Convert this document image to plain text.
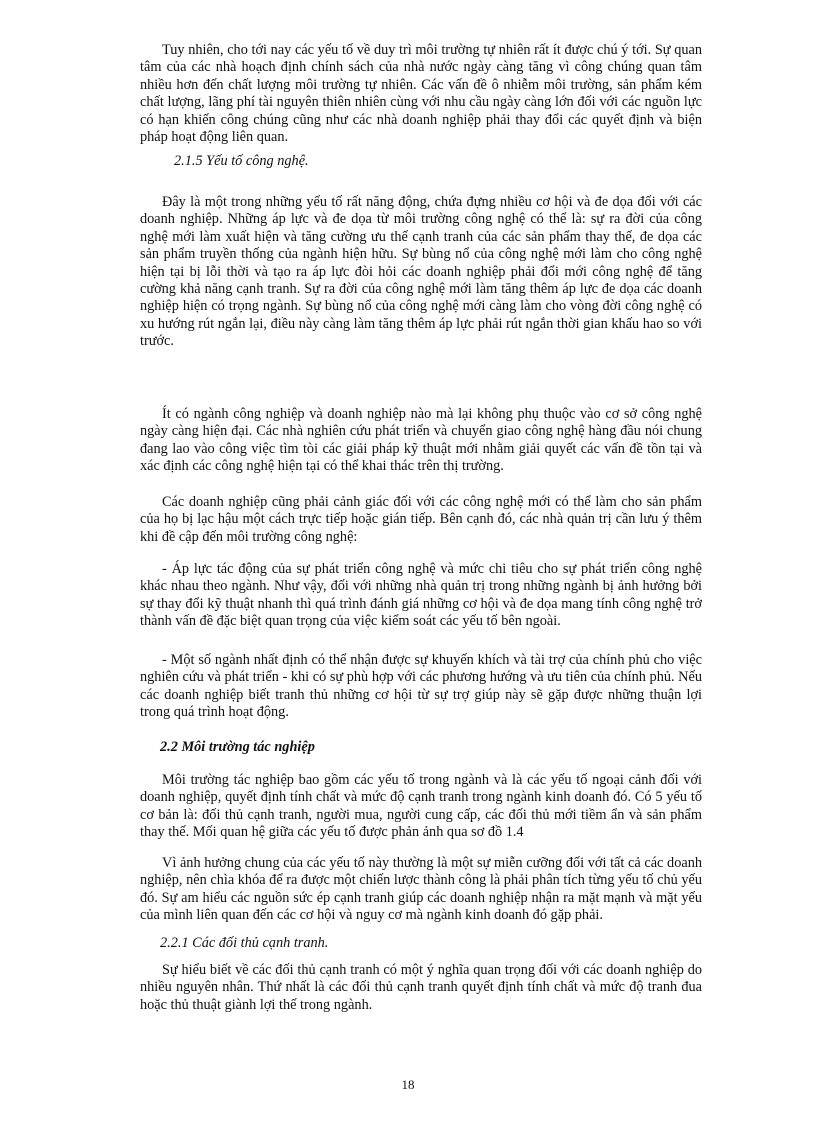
Tuy nhiên, cho tới nay các yếu tố về duy trì môi trường tự nhiên rất ít được chú ý tới. Sự quan tâm của các nhà hoạch định chính sách của nhà nước ngày càng tăng vì công chúng quan tâm nhiều hơn đến chất lượng môi trường tự nhiên. Các vấn đề ô nhiễm môi trường, sản phẩm kém chất lượng, lãng phí tài nguyên thiên nhiên cùng với nhu cầu ngày càng lớn đối với các nguồn lực có hạn khiến công chúng cũng như các nhà doanh nghiệp phải thay đổi các quyết định và biện pháp hoạt động liên quan.

2.1.5 Yếu tố công nghệ.

Đây là một trong những yếu tố rất năng động, chứa đựng nhiều cơ hội và đe dọa đối với các doanh nghiệp. Những áp lực và đe dọa từ môi trường công nghệ có thể là: sự ra đời của công nghệ mới làm xuất hiện và tăng cường ưu thế cạnh tranh của các sản phẩm thay thế, đe dọa các sản phẩm truyền thống của ngành hiện hữu. Sự bùng nổ của công nghệ mới làm cho công nghệ hiện tại bị lỗi thời và tạo ra áp lực đòi hỏi các doanh nghiệp phải đổi mới công nghệ để tăng cường khả năng cạnh tranh. Sự ra đời của công nghệ mới làm tăng thêm áp lực đe dọa các doanh nghiệp hiện có trọng ngành. Sự bùng nổ của công nghệ mới càng làm cho vòng đời công nghệ có xu hướng rút ngắn lại, điều này càng làm tăng thêm áp lực phải rút ngắn thời gian khấu hao so với trước.

Ít có ngành công nghiệp và doanh nghiệp nào mà lại không phụ thuộc vào cơ sở công nghệ ngày càng hiện đại. Các nhà nghiên cứu phát triển và chuyển giao công nghệ hàng đầu nói chung đang lao vào công việc tìm tòi các giải pháp kỹ thuật mới nhằm giải quyết các vấn đề tồn tại và xác định các công nghệ hiện tại có thể khai thác trên thị trường.

Các doanh nghiệp cũng phải cảnh giác đối với các công nghệ mới có thể làm cho sản phẩm của họ bị lạc hậu một cách trực tiếp hoặc gián tiếp. Bên cạnh đó, các nhà quản trị cần lưu ý thêm khi đề cập đến môi trường công nghệ:

- Áp lực tác động của sự phát triển công nghệ và mức chi tiêu cho sự phát triển công nghệ khác nhau theo ngành. Như vậy, đối với những nhà quản trị trong những ngành bị ảnh hưởng bởi sự thay đổi kỹ thuật nhanh thì quá trình đánh giá những cơ hội và đe dọa mang tính công nghệ trở thành vấn đề đặc biệt quan trọng của việc kiểm soát các yếu tố bên ngoài.

- Một số ngành nhất định có thể nhận được sự khuyến khích và tài trợ của chính phủ cho việc nghiên cứu và phát triển - khi có sự phù hợp với các phương hướng và ưu tiên của chính phủ. Nếu các doanh nghiệp biết tranh thủ những cơ hội từ sự trợ giúp này sẽ gặp được những thuận lợi trong quá trình hoạt động.

2.2 Môi trường tác nghiệp

Môi trường tác nghiệp bao gồm các yếu tố trong ngành và là các yếu tố ngoại cảnh đối với doanh nghiệp, quyết định tính chất và mức độ cạnh tranh trong ngành kinh doanh đó. Có 5 yếu tố cơ bản là: đối thủ cạnh tranh, người mua, người cung cấp, các đối thủ mới tiềm ẩn và sản phẩm thay thế. Mối quan hệ giữa các yếu tố được phản ảnh qua sơ đồ 1.4

Vì ảnh hưởng chung của các yếu tố này thường là một sự miễn cưỡng đối với tất cả các doanh nghiệp, nên chìa khóa để ra được một chiến lược thành công là phải phân tích từng yếu tố chủ yếu đó. Sự am hiểu các nguồn sức ép cạnh tranh giúp các doanh nghiệp nhận ra mặt mạnh và mặt yếu của mình liên quan đến các cơ hội và nguy cơ mà ngành kinh doanh đó gặp phải.

2.2.1 Các đối thủ cạnh tranh.

Sự hiểu biết về các đối thủ cạnh tranh có một ý nghĩa quan trọng đối với các doanh nghiệp do nhiều nguyên nhân. Thứ nhất là các đối thủ cạnh tranh quyết định tính chất và mức độ tranh đua hoặc thủ thuật giành lợi thế trong ngành.

18
